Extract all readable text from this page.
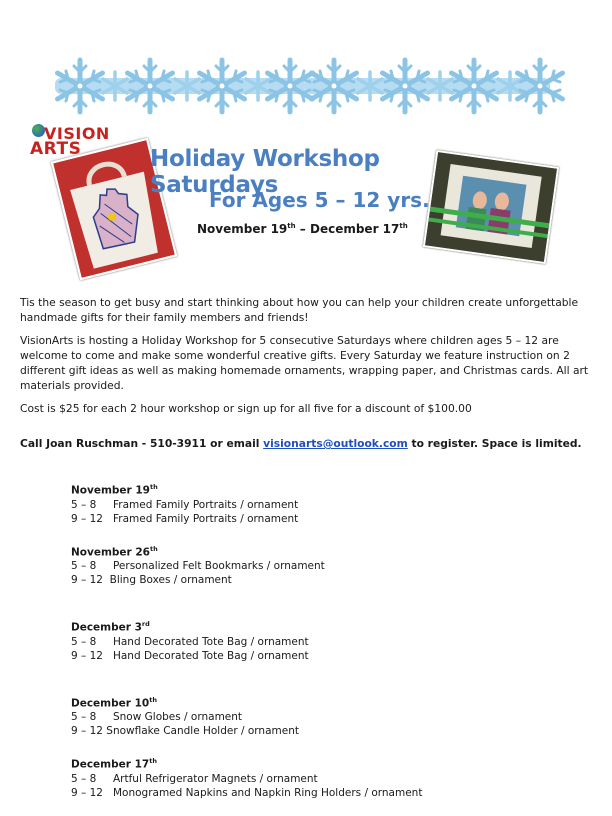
VISION
ARTS	Holiday Workshop Saturdays
For Ages 5 – 12 yrs.
November 19th – December 17th
Tis the season to get busy and start thinking about how you can help your children create unforgettable handmade gifts for their family members and friends!
VisionArts is hosting a Holiday Workshop for 5 consecutive Saturdays where children ages 5 – 12 are welcome to come and make some wonderful creative gifts. Every Saturday we feature instruction on 2 different gift ideas as well as making homemade ornaments, wrapping paper, and Christmas cards. All art materials provided.
Cost is $25 for each 2 hour workshop or sign up for all five for a discount of $100.00
Call Joan Ruschman - 510-3911 or email visionarts@outlook.com to register. Space is limited.
November 19th
5 – 8     Framed Family Portraits / ornament
9 – 12   Framed Family Portraits / ornament
November 26th
5 – 8     Personalized Felt Bookmarks / ornament
9 – 12  Bling Boxes / ornament
December 3rd
5 – 8     Hand Decorated Tote Bag / ornament
9 – 12   Hand Decorated Tote Bag / ornament
December 10th
5 – 8     Snow Globes / ornament
9 – 12 Snowflake Candle Holder / ornament
December 17th
5 – 8     Artful Refrigerator Magnets / ornament
9 – 12   Monogramed Napkins and Napkin Ring Holders / ornament
